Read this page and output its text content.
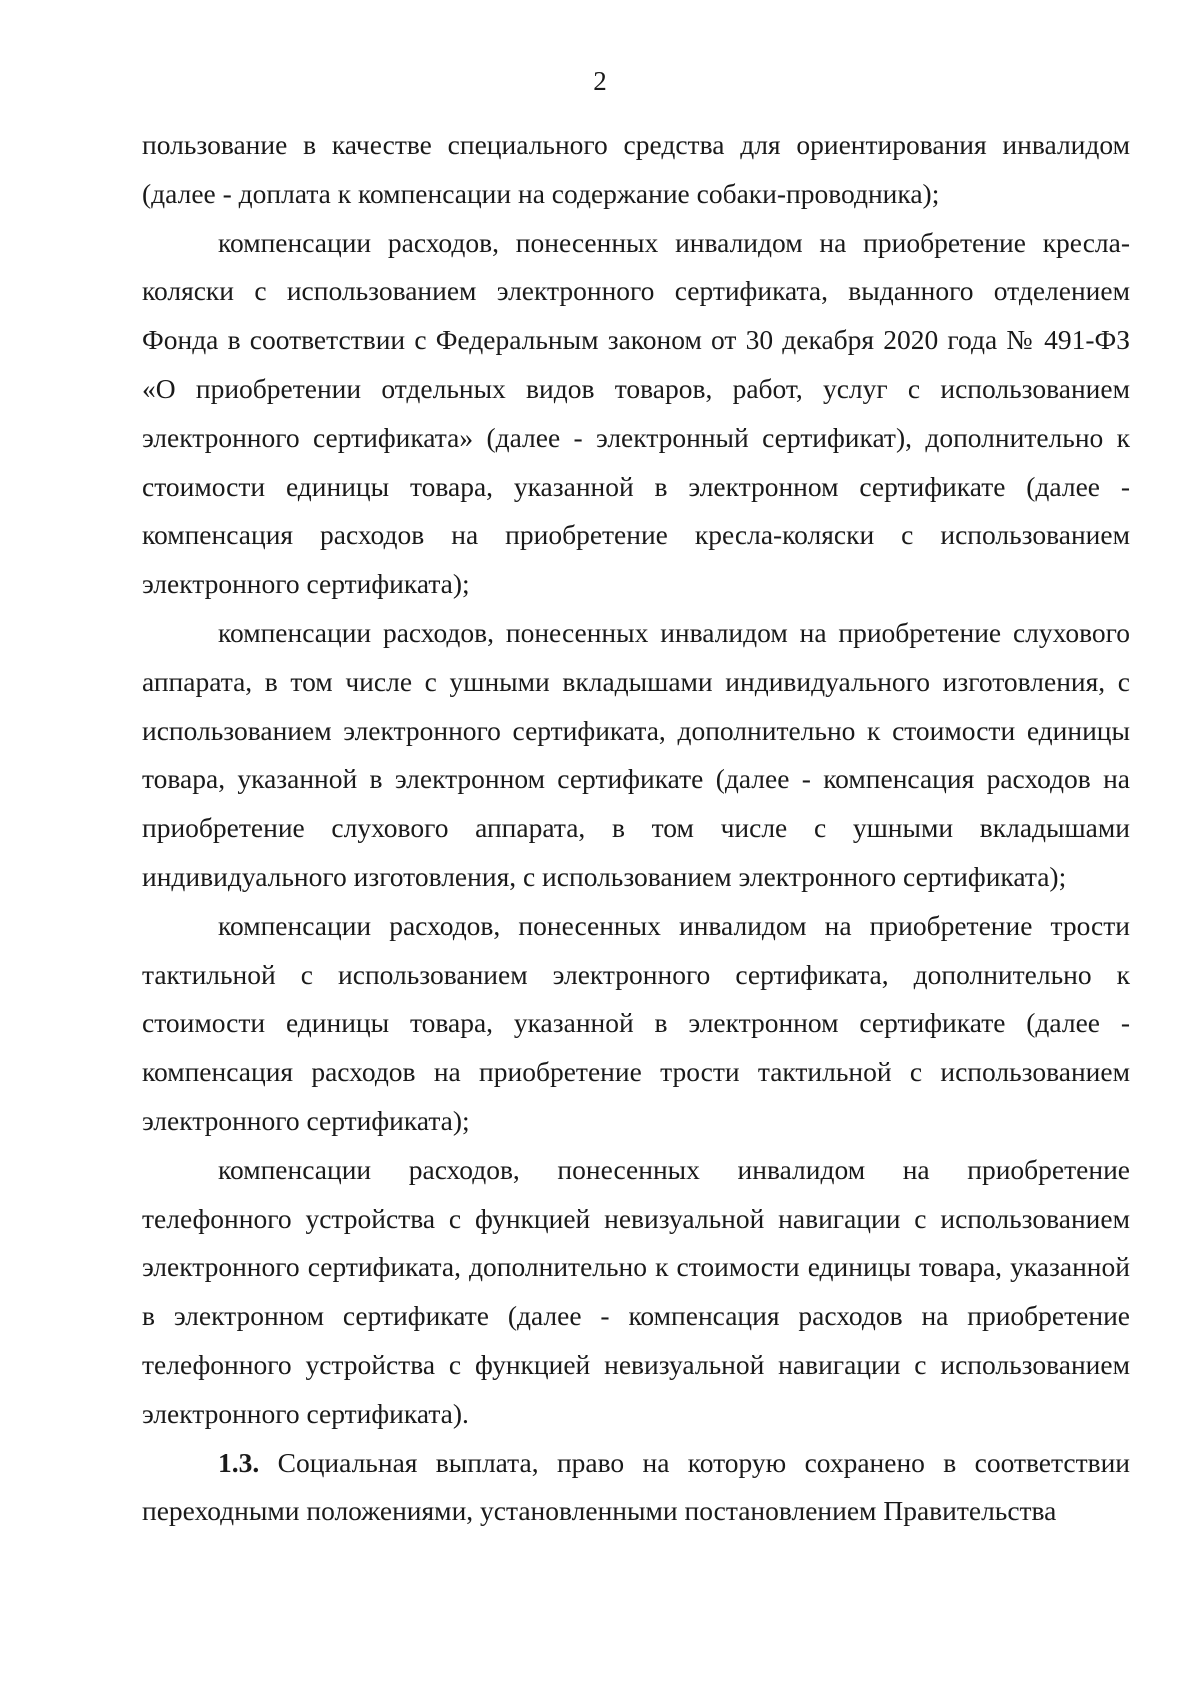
2

пользование в качестве специального средства для ориентирования инвалидом (далее - доплата к компенсации на содержание собаки-проводника);

компенсации расходов, понесенных инвалидом на приобретение кресла-коляски с использованием электронного сертификата, выданного отделением Фонда в соответствии с Федеральным законом от 30 декабря 2020 года № 491-ФЗ «О приобретении отдельных видов товаров, работ, услуг с использованием электронного сертификата» (далее - электронный сертификат), дополнительно к стоимости единицы товара, указанной в электронном сертификате (далее - компенсация расходов на приобретение кресла-коляски с использованием электронного сертификата);

компенсации расходов, понесенных инвалидом на приобретение слухового аппарата, в том числе с ушными вкладышами индивидуального изготовления, с использованием электронного сертификата, дополнительно к стоимости единицы товара, указанной в электронном сертификате (далее - компенсация расходов на приобретение слухового аппарата, в том числе с ушными вкладышами индивидуального изготовления, с использованием электронного сертификата);

компенсации расходов, понесенных инвалидом на приобретение трости тактильной с использованием электронного сертификата, дополнительно к стоимости единицы товара, указанной в электронном сертификате (далее - компенсация расходов на приобретение трости тактильной с использованием электронного сертификата);

компенсации расходов, понесенных инвалидом на приобретение телефонного устройства с функцией невизуальной навигации с использованием электронного сертификата, дополнительно к стоимости единицы товара, указанной в электронном сертификате (далее - компенсация расходов на приобретение телефонного устройства с функцией невизуальной навигации с использованием электронного сертификата).

1.3. Социальная выплата, право на которую сохранено в соответствии переходными положениями, установленными постановлением Правительства
